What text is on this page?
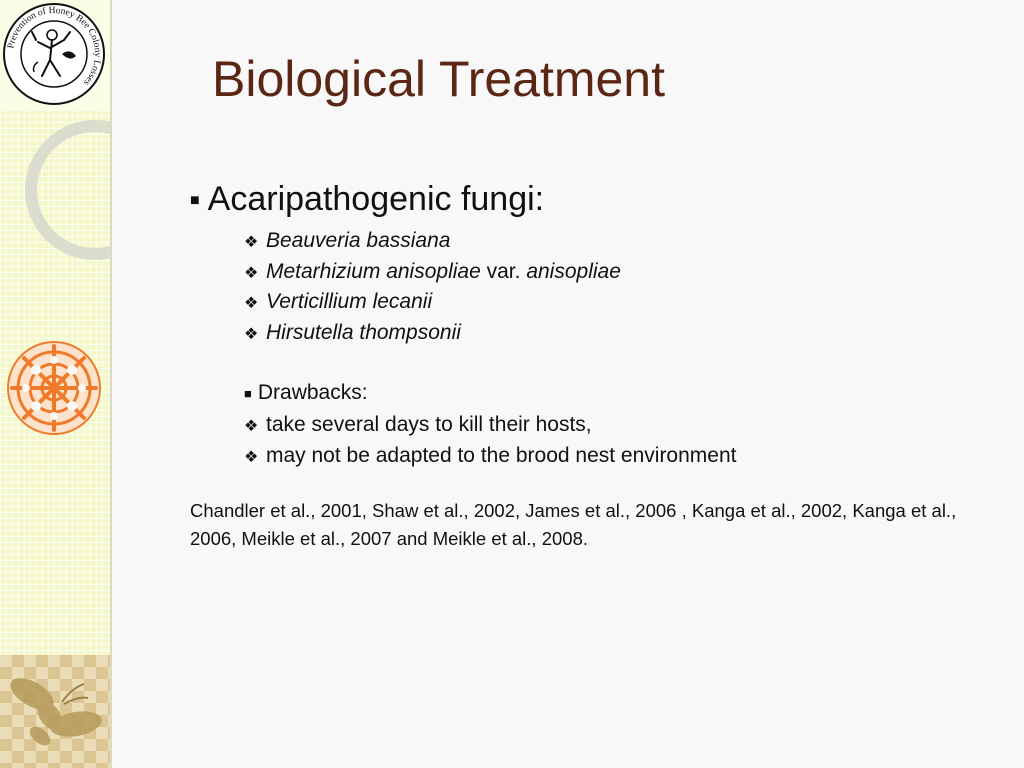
Prevention of Honey Bee Colony Losses Biological Treatment
■ Acaripathogenic fungi:
❖ Beauveria bassiana
❖ Metarhizium anisopliae var. anisopliae
❖ Verticillium lecanii
❖ Hirsutella thompsonii
■ Drawbacks:
❖ take several days to kill their hosts,
❖ may not be adapted to the brood nest environment

Chandler et al., 2001, Shaw et al., 2002, James et al., 2006 , Kanga et al., 2002, Kanga et al., 2006, Meikle et al., 2007 and Meikle et al., 2008.
